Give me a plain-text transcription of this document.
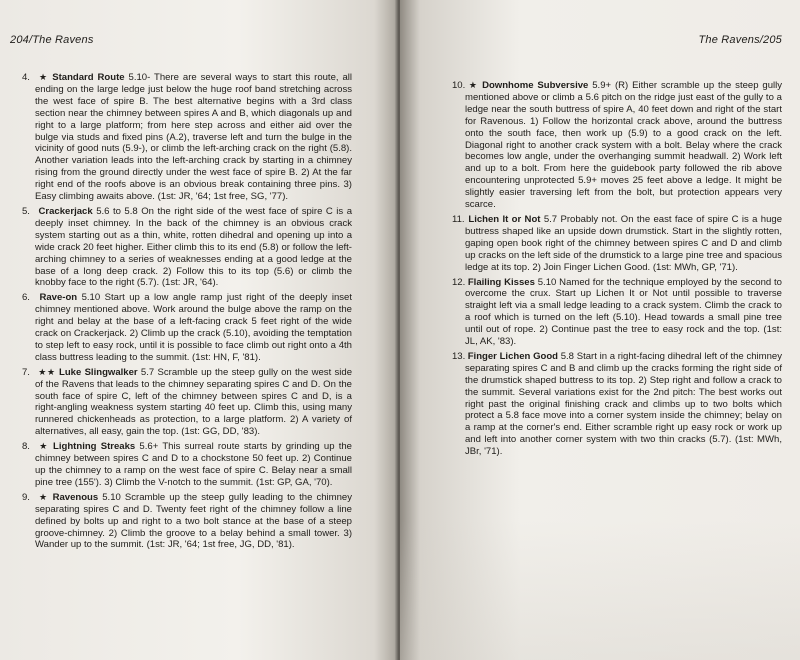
204/The Ravens

4. ★ Standard Route 5.10- There are several ways to start this route, all ending on the large ledge just below the huge roof band stretching across the west face of spire B. The best alternative begins with a 3rd class section near the chimney between spires A and B, which diagonals up and right to a large platform; from here step across and either aid over the bulge via studs and fixed pins (A.2), traverse left and turn the bulge in the vicinity of good nuts (5.9-), or climb the left-arching crack on the right (5.8). Another variation leads into the left-arching crack by starting in a chimney rising from the ground directly under the west face of spire B. 2) At the far right end of the roofs above is an obvious break containing three pins. 3) Easy climbing awaits above. (1st: JR, '64; 1st free, SG, '77).

5. Crackerjack 5.6 to 5.8 On the right side of the west face of spire C is a deeply inset chimney. In the back of the chimney is an obvious crack system starting out as a thin, white, rotten dihedral and opening up into a wide crack 20 feet higher. Either climb this to its end (5.8) or follow the left-arching chimney to a series of weaknesses ending at a good ledge at the base of a long deep crack. 2) Follow this to its top (5.6) or climb the knobby face to the right (5.7). (1st: JR, '64).

6. Rave-on 5.10 Start up a low angle ramp just right of the deeply inset chimney mentioned above. Work around the bulge above the ramp on the right and belay at the base of a left-facing crack 5 feet right of the wide crack on Crackerjack. 2) Climb up the crack (5.10), avoiding the temptation to step left to easy rock, until it is possible to face climb out right onto a 4th class buttress leading to the summit. (1st: HN, F, '81).

7. ★★ Luke Slingwalker 5.7 Scramble up the steep gully on the west side of the Ravens that leads to the chimney separating spires C and D. On the south face of spire C, left of the chimney between spires C and D, is a right-angling weakness system starting 40 feet up. Climb this, using many runnered chickenheads as protection, to a large platform. 2) A variety of alternatives, all easy, gain the top. (1st: GG, DD, '83).

8. ★ Lightning Streaks 5.6+ This surreal route starts by grinding up the chimney between spires C and D to a chockstone 50 feet up. 2) Continue up the chimney to a ramp on the west face of spire C. Belay near a small pine tree (155'). 3) Climb the V-notch to the summit. (1st: GP, GA, '70).

9. ★ Ravenous 5.10 Scramble up the steep gully leading to the chimney separating spires C and D. Twenty feet right of the chimney follow a line defined by bolts up and right to a two bolt stance at the base of a steep groove-chimney. 2) Climb the groove to a belay behind a small tower. 3) Wander up to the summit. (1st: JR, '64; 1st free, JG, DD, '81).

The Ravens/205

10. ★ Downhome Subversive 5.9+ (R) Either scramble up the steep gully mentioned above or climb a 5.6 pitch on the ridge just east of the gully to a ledge near the south buttress of spire A, 40 feet down and right of the start for Ravenous. 1) Follow the horizontal crack above, around the buttress onto the south face, then work up (5.9) to a good crack on the left. Diagonal right to another crack system with a bolt. Belay where the crack becomes low angle, under the overhanging summit headwall. 2) Work left and up to a bolt. From here the guidebook party followed the rib above encountering unprotected 5.9+ moves 25 feet above a ledge. It might be slightly easier traversing left from the bolt, but protection appears very scarce.

11. Lichen It or Not 5.7 Probably not. On the east face of spire C is a huge buttress shaped like an upside down drumstick. Start in the slightly rotten, gaping open book right of the chimney between spires C and D and climb up cracks on the left side of the drumstick to a large pine tree and spacious ledge at its top. 2) Join Finger Lichen Good. (1st: MWh, GP, '71).

12. Flailing Kisses 5.10 Named for the technique employed by the second to overcome the crux. Start up Lichen It or Not until possible to traverse straight left via a small ledge leading to a crack system. Climb the crack to a roof which is turned on the left (5.10). Head towards a small pine tree until out of rope. 2) Continue past the tree to easy rock and the top. (1st: JL, AK, '83).

13. Finger Lichen Good 5.8 Start in a right-facing dihedral left of the chimney separating spires C and B and climb up the cracks forming the right side of the drumstick shaped buttress to its top. 2) Step right and follow a crack to the summit. Several variations exist for the 2nd pitch: The best works out right past the original finishing crack and climbs up to two bolts which protect a 5.8 face move into a corner system inside the chimney; belay on a ramp at the corner's end. Either scramble right up easy rock or work up and left into another corner system with two thin cracks (5.7). (1st: MWh, JBr, '71).
